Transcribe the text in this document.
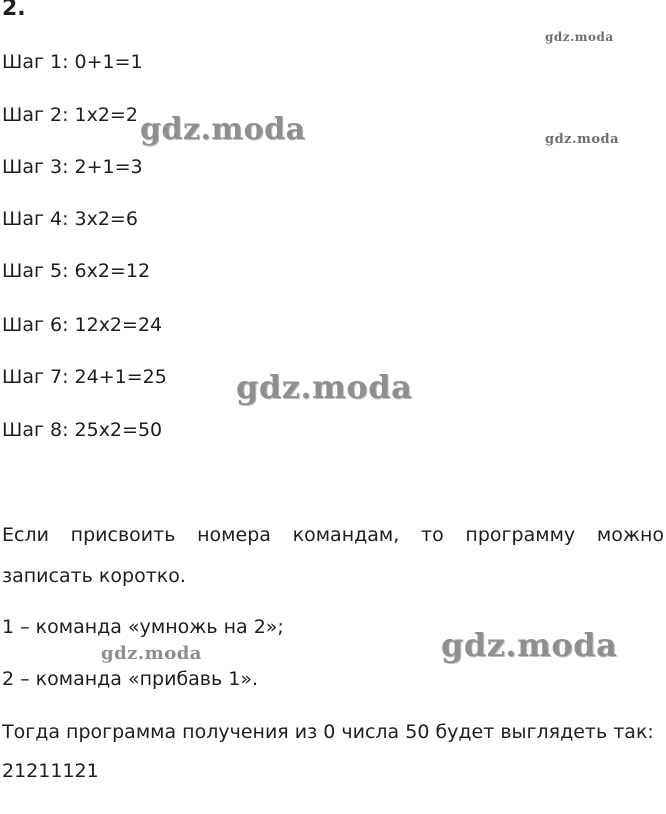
2.
Шаг 1: 0+1=1
Шаг 2: 1х2=2
Шаг 3: 2+1=3
Шаг 4: 3х2=6
Шаг 5: 6х2=12
Шаг 6: 12х2=24
Шаг 7: 24+1=25
Шаг 8: 25х2=50
Если присвоить номера командам, то программу можно
записать коротко.
1 – команда «умножь на 2»;
2 – команда «прибавь 1».
Тогда программа получения из 0 числа 50 будет выглядеть так:
21211121
gdz.moda
gdz.moda	gdz.moda
gdz.moda
gdz.moda	gdz.moda
